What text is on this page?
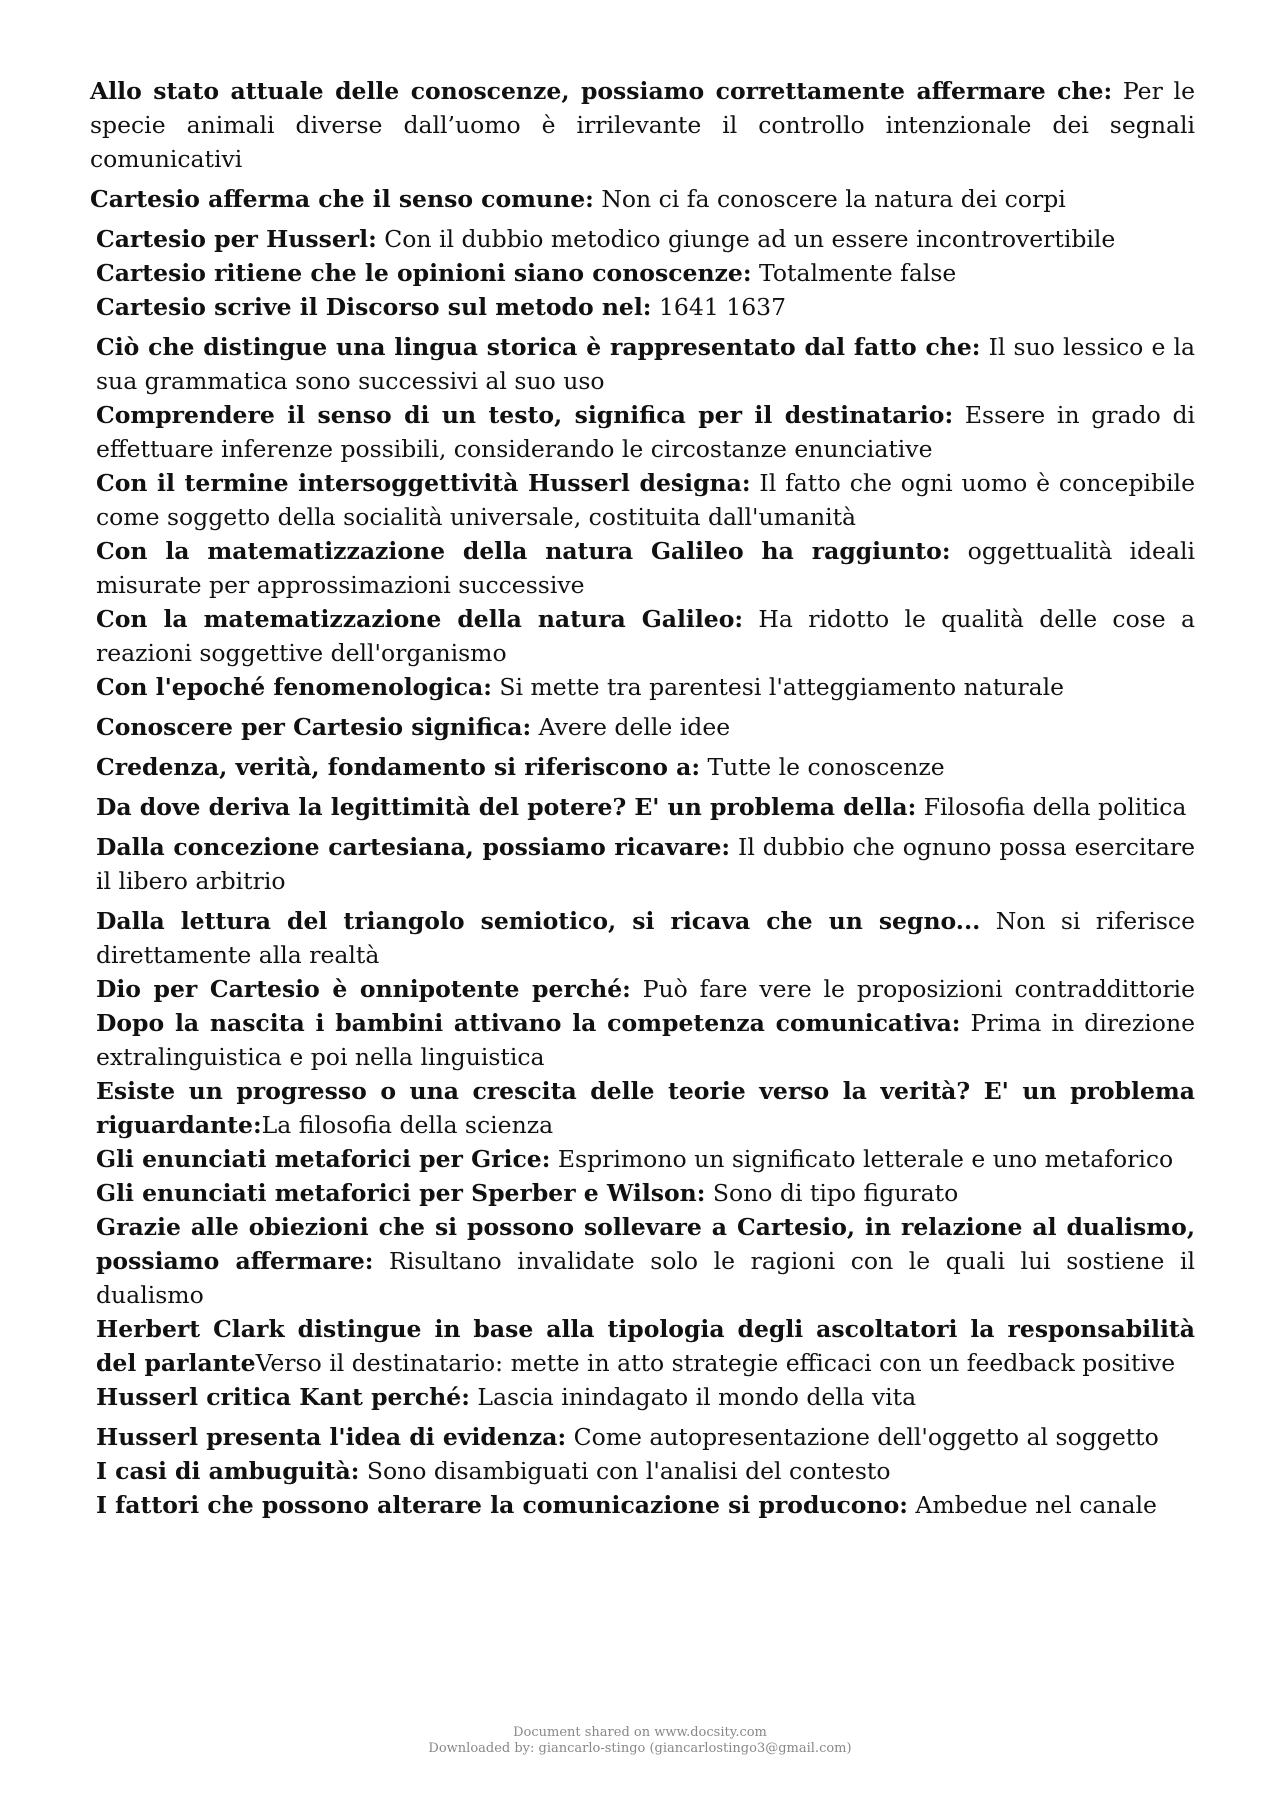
Allo stato attuale delle conoscenze, possiamo correttamente affermare che: Per le specie animali diverse dall’uomo è irrilevante il controllo intenzionale dei segnali comunicativi

Cartesio afferma che il senso comune: Non ci fa conoscere la natura dei corpi

Cartesio per Husserl: Con il dubbio metodico giunge ad un essere incontrovertibile

Cartesio ritiene che le opinioni siano conoscenze: Totalmente false

Cartesio scrive il Discorso sul metodo nel: 1641 1637

Ciò che distingue una lingua storica è rappresentato dal fatto che: Il suo lessico e la sua grammatica sono successivi al suo uso

Comprendere il senso di un testo, significa per il destinatario: Essere in grado di effettuare inferenze possibili, considerando le circostanze enunciative

Con il termine intersoggettività Husserl designa: Il fatto che ogni uomo è concepibile come soggetto della socialità universale, costituita dall'umanità

Con la matematizzazione della natura Galileo ha raggiunto: oggettualità ideali misurate per approssimazioni successive

Con la matematizzazione della natura Galileo: Ha ridotto le qualità delle cose a reazioni soggettive dell'organismo

Con l'epoché fenomenologica: Si mette tra parentesi l'atteggiamento naturale

Conoscere per Cartesio significa: Avere delle idee

Credenza, verità, fondamento si riferiscono a: Tutte le conoscenze

Da dove deriva la legittimità del potere? E' un problema della: Filosofia della politica

Dalla concezione cartesiana, possiamo ricavare: Il dubbio che ognuno possa esercitare il libero arbitrio

Dalla lettura del triangolo semiotico, si ricava che un segno... Non si riferisce direttamente alla realtà

Dio per Cartesio è onnipotente perché: Può fare vere le proposizioni contraddittorie Dopo la nascita i bambini attivano la competenza comunicativa: Prima in direzione extralinguistica e poi nella linguistica

Esiste un progresso o una crescita delle teorie verso la verità? E' un problema riguardante:La filosofia della scienza

Gli enunciati metaforici per Grice: Esprimono un significato letterale e uno metaforico

Gli enunciati metaforici per Sperber e Wilson: Sono di tipo figurato

Grazie alle obiezioni che si possono sollevare a Cartesio, in relazione al dualismo, possiamo affermare: Risultano invalidate solo le ragioni con le quali lui sostiene il dualismo

Herbert Clark distingue in base alla tipologia degli ascoltatori la responsabilità del parlanteVerso il destinatario: mette in atto strategie efficaci con un feedback positive

Husserl critica Kant perché: Lascia inindagato il mondo della vita

Husserl presenta l'idea di evidenza: Come autopresentazione dell'oggetto al soggetto

I casi di ambuguità: Sono disambiguati con l'analisi del contesto

I fattori che possono alterare la comunicazione si producono: Ambedue nel canale

Document shared on www.docsity.com
Downloaded by: giancarlo-stingo (giancarlostingo3@gmail.com)
